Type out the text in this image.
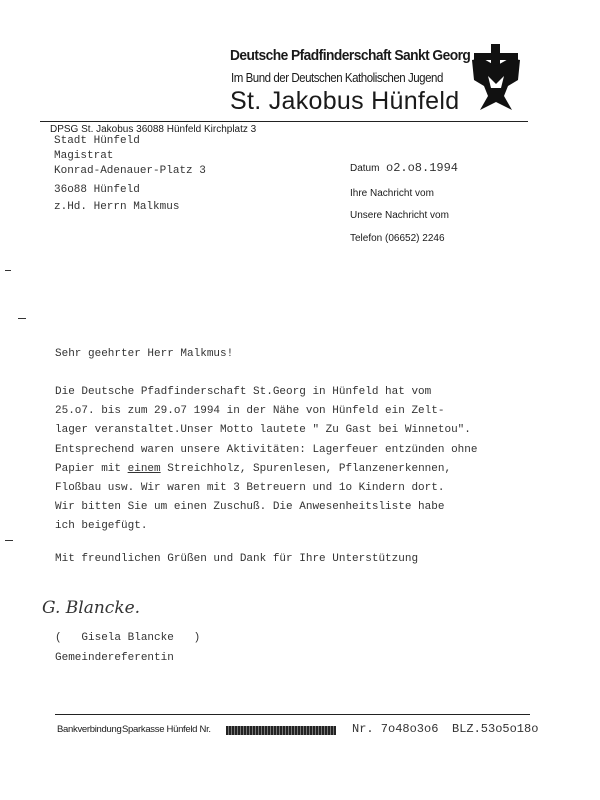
Deutsche Pfadfinderschaft Sankt Georg
Im Bund der Deutschen Katholischen Jugend
St. Jakobus Hünfeld
DPSG St. Jakobus 36088 Hünfeld Kirchplatz 3
Stadt Hünfeld
Magistrat
Konrad-Adenauer-Platz 3
36o88 Hünfeld
z.Hd. Herrn Malkmus
Datum o2.o8.1994
Ihre Nachricht vom
Unsere Nachricht vom
Telefon (06652) 2246
Sehr geehrter Herr Malkmus!
Die Deutsche Pfadfinderschaft St.Georg in Hünfeld hat vom
25.o7. bis zum 29.o7 1994 in der Nähe von Hünfeld ein Zelt-
lager veranstaltet.Unser Motto lautete " Zu Gast bei Winnetou".
Entsprechend waren unsere Aktivitäten: Lagerfeuer entzünden ohne
Papier mit einem Streichholz, Spurenlesen, Pflanzenerkennen,
Floßbau usw. Wir waren mit 3 Betreuern und 1o Kindern dort.
Wir bitten Sie um einen Zuschuß. Die Anwesenheitsliste habe
ich beigefügt.
Mit freundlichen Grüßen und Dank für Ihre Unterstützung
G. Blancke.
(   Gisela Blancke   )
Gemeindereferentin
Bankverbindung Sparkasse Hünfeld Nr.	Nr. 7o48o3o6 BLZ.53o5o18o
